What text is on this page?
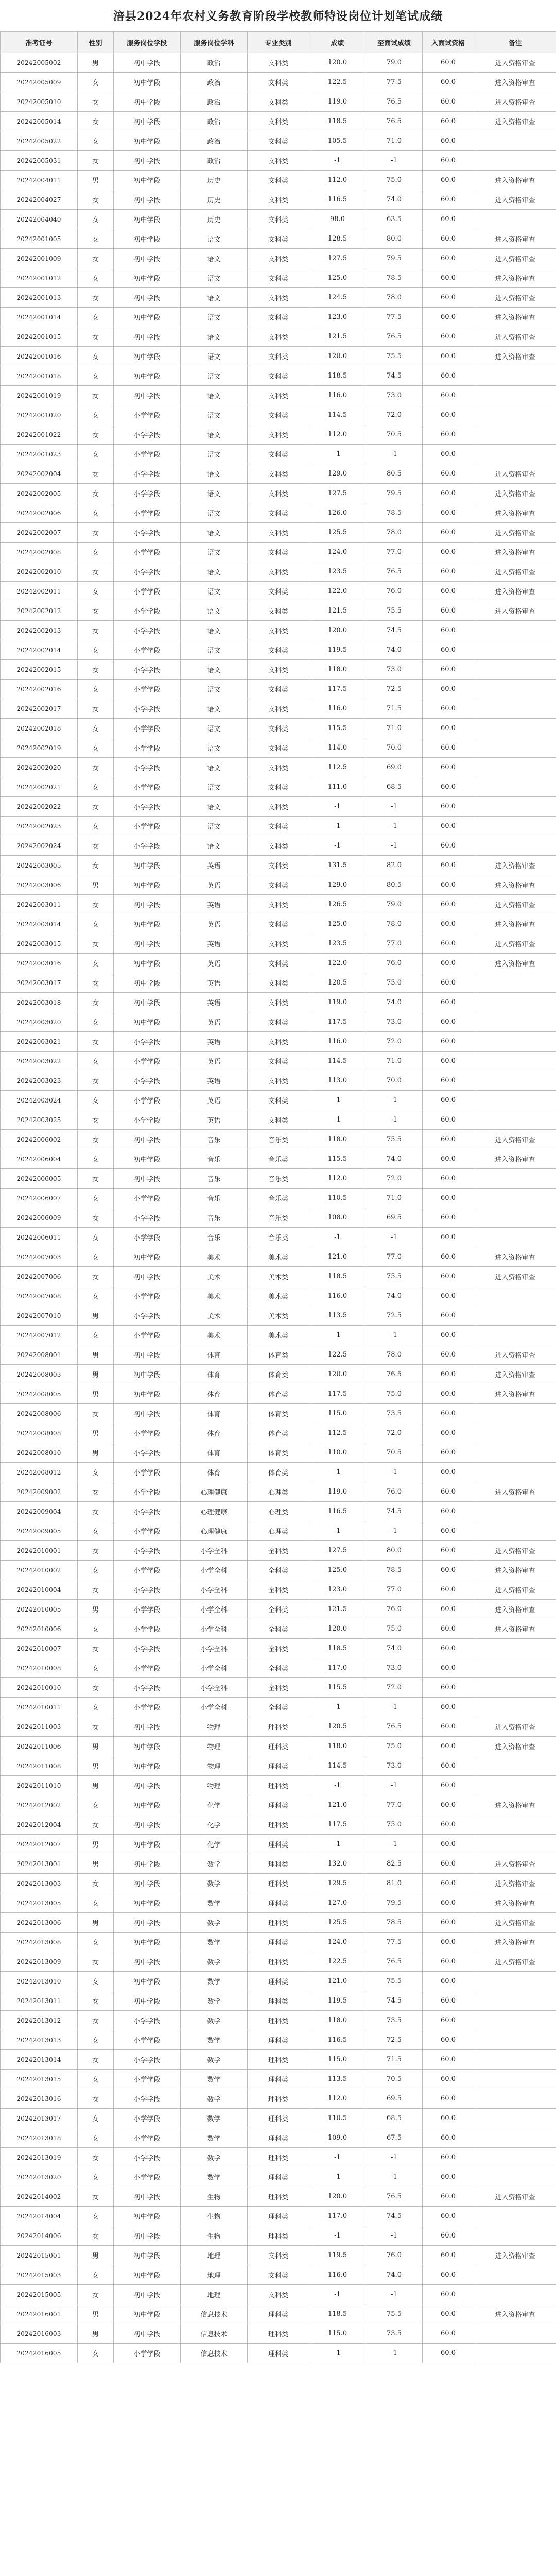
涪县2024年农村义务教育阶段学校教师特设岗位计划笔试成绩
准考证号	性别	服务岗位学段	服务岗位学科	专业类别	成绩	至面试成绩	入面试资格	备注
20242005002	男	初中学段	政治	文科类	120.0	79.0	60.0	进入资格审查
20242005009	女	初中学段	政治	文科类	122.5	77.5	60.0	进入资格审查
20242005010	女	初中学段	政治	文科类	119.0	76.5	60.0	进入资格审查
20242005014	女	初中学段	政治	文科类	118.5	76.5	60.0	进入资格审查
20242005022	女	初中学段	政治	文科类	105.5	71.0	60.0	
20242005031	女	初中学段	政治	文科类	-1	-1	60.0	
20242004011	男	初中学段	历史	文科类	112.0	75.0	60.0	进入资格审查
20242004027	女	初中学段	历史	文科类	116.5	74.0	60.0	进入资格审查
20242004040	女	初中学段	历史	文科类	98.0	63.5	60.0	
20242001005	女	初中学段	语文	文科类	128.5	80.0	60.0	进入资格审查
20242001009	女	初中学段	语文	文科类	127.5	79.5	60.0	进入资格审查
20242001012	女	初中学段	语文	文科类	125.0	78.5	60.0	进入资格审查
20242001013	女	初中学段	语文	文科类	124.5	78.0	60.0	进入资格审查
20242001014	女	初中学段	语文	文科类	123.0	77.5	60.0	进入资格审查
20242001015	女	初中学段	语文	文科类	121.5	76.5	60.0	进入资格审查
20242001016	女	初中学段	语文	文科类	120.0	75.5	60.0	进入资格审查
20242001018	女	初中学段	语文	文科类	118.5	74.5	60.0	
20242001019	女	初中学段	语文	文科类	116.0	73.0	60.0	
20242001020	女	小学学段	语文	文科类	114.5	72.0	60.0	
20242001022	女	小学学段	语文	文科类	112.0	70.5	60.0	
20242001023	女	小学学段	语文	文科类	-1	-1	60.0	
20242002004	女	小学学段	语文	文科类	129.0	80.5	60.0	进入资格审查
20242002005	女	小学学段	语文	文科类	127.5	79.5	60.0	进入资格审查
20242002006	女	小学学段	语文	文科类	126.0	78.5	60.0	进入资格审查
20242002007	女	小学学段	语文	文科类	125.5	78.0	60.0	进入资格审查
20242002008	女	小学学段	语文	文科类	124.0	77.0	60.0	进入资格审查
20242002010	女	小学学段	语文	文科类	123.5	76.5	60.0	进入资格审查
20242002011	女	小学学段	语文	文科类	122.0	76.0	60.0	进入资格审查
20242002012	女	小学学段	语文	文科类	121.5	75.5	60.0	进入资格审查
20242002013	女	小学学段	语文	文科类	120.0	74.5	60.0	
20242002014	女	小学学段	语文	文科类	119.5	74.0	60.0	
20242002015	女	小学学段	语文	文科类	118.0	73.0	60.0	
20242002016	女	小学学段	语文	文科类	117.5	72.5	60.0	
20242002017	女	小学学段	语文	文科类	116.0	71.5	60.0	
20242002018	女	小学学段	语文	文科类	115.5	71.0	60.0	
20242002019	女	小学学段	语文	文科类	114.0	70.0	60.0	
20242002020	女	小学学段	语文	文科类	112.5	69.0	60.0	
20242002021	女	小学学段	语文	文科类	111.0	68.5	60.0	
20242002022	女	小学学段	语文	文科类	-1	-1	60.0	
20242002023	女	小学学段	语文	文科类	-1	-1	60.0	
20242002024	女	小学学段	语文	文科类	-1	-1	60.0	
20242003005	女	初中学段	英语	文科类	131.5	82.0	60.0	进入资格审查
20242003006	男	初中学段	英语	文科类	129.0	80.5	60.0	进入资格审查
20242003011	女	初中学段	英语	文科类	126.5	79.0	60.0	进入资格审查
20242003014	女	初中学段	英语	文科类	125.0	78.0	60.0	进入资格审查
20242003015	女	初中学段	英语	文科类	123.5	77.0	60.0	进入资格审查
20242003016	女	初中学段	英语	文科类	122.0	76.0	60.0	进入资格审查
20242003017	女	初中学段	英语	文科类	120.5	75.0	60.0	
20242003018	女	初中学段	英语	文科类	119.0	74.0	60.0	
20242003020	女	初中学段	英语	文科类	117.5	73.0	60.0	
20242003021	女	小学学段	英语	文科类	116.0	72.0	60.0	
20242003022	女	小学学段	英语	文科类	114.5	71.0	60.0	
20242003023	女	小学学段	英语	文科类	113.0	70.0	60.0	
20242003024	女	小学学段	英语	文科类	-1	-1	60.0	
20242003025	女	小学学段	英语	文科类	-1	-1	60.0	
20242006002	女	初中学段	音乐	音乐类	118.0	75.5	60.0	进入资格审查
20242006004	女	初中学段	音乐	音乐类	115.5	74.0	60.0	进入资格审查
20242006005	女	初中学段	音乐	音乐类	112.0	72.0	60.0	
20242006007	女	小学学段	音乐	音乐类	110.5	71.0	60.0	
20242006009	女	小学学段	音乐	音乐类	108.0	69.5	60.0	
20242006011	女	小学学段	音乐	音乐类	-1	-1	60.0	
20242007003	女	初中学段	美术	美术类	121.0	77.0	60.0	进入资格审查
20242007006	女	初中学段	美术	美术类	118.5	75.5	60.0	进入资格审查
20242007008	女	小学学段	美术	美术类	116.0	74.0	60.0	
20242007010	男	小学学段	美术	美术类	113.5	72.5	60.0	
20242007012	女	小学学段	美术	美术类	-1	-1	60.0	
20242008001	男	初中学段	体育	体育类	122.5	78.0	60.0	进入资格审查
20242008003	男	初中学段	体育	体育类	120.0	76.5	60.0	进入资格审查
20242008005	男	初中学段	体育	体育类	117.5	75.0	60.0	进入资格审查
20242008006	女	初中学段	体育	体育类	115.0	73.5	60.0	
20242008008	男	小学学段	体育	体育类	112.5	72.0	60.0	
20242008010	男	小学学段	体育	体育类	110.0	70.5	60.0	
20242008012	女	小学学段	体育	体育类	-1	-1	60.0	
20242009002	女	小学学段	心理健康	心理类	119.0	76.0	60.0	进入资格审查
20242009004	女	小学学段	心理健康	心理类	116.5	74.5	60.0	
20242009005	女	小学学段	心理健康	心理类	-1	-1	60.0	
20242010001	女	小学学段	小学全科	全科类	127.5	80.0	60.0	进入资格审查
20242010002	女	小学学段	小学全科	全科类	125.0	78.5	60.0	进入资格审查
20242010004	女	小学学段	小学全科	全科类	123.0	77.0	60.0	进入资格审查
20242010005	男	小学学段	小学全科	全科类	121.5	76.0	60.0	进入资格审查
20242010006	女	小学学段	小学全科	全科类	120.0	75.0	60.0	进入资格审查
20242010007	女	小学学段	小学全科	全科类	118.5	74.0	60.0	
20242010008	女	小学学段	小学全科	全科类	117.0	73.0	60.0	
20242010010	女	小学学段	小学全科	全科类	115.5	72.0	60.0	
20242010011	女	小学学段	小学全科	全科类	-1	-1	60.0	
20242011003	女	初中学段	物理	理科类	120.5	76.5	60.0	进入资格审查
20242011006	男	初中学段	物理	理科类	118.0	75.0	60.0	进入资格审查
20242011008	男	初中学段	物理	理科类	114.5	73.0	60.0	
20242011010	男	初中学段	物理	理科类	-1	-1	60.0	
20242012002	女	初中学段	化学	理科类	121.0	77.0	60.0	进入资格审查
20242012004	女	初中学段	化学	理科类	117.5	75.0	60.0	
20242012007	男	初中学段	化学	理科类	-1	-1	60.0	
20242013001	男	初中学段	数学	理科类	132.0	82.5	60.0	进入资格审查
20242013003	女	初中学段	数学	理科类	129.5	81.0	60.0	进入资格审查
20242013005	女	初中学段	数学	理科类	127.0	79.5	60.0	进入资格审查
20242013006	男	初中学段	数学	理科类	125.5	78.5	60.0	进入资格审查
20242013008	女	初中学段	数学	理科类	124.0	77.5	60.0	进入资格审查
20242013009	女	初中学段	数学	理科类	122.5	76.5	60.0	进入资格审查
20242013010	女	初中学段	数学	理科类	121.0	75.5	60.0	
20242013011	女	初中学段	数学	理科类	119.5	74.5	60.0	
20242013012	女	小学学段	数学	理科类	118.0	73.5	60.0	
20242013013	女	小学学段	数学	理科类	116.5	72.5	60.0	
20242013014	女	小学学段	数学	理科类	115.0	71.5	60.0	
20242013015	女	小学学段	数学	理科类	113.5	70.5	60.0	
20242013016	女	小学学段	数学	理科类	112.0	69.5	60.0	
20242013017	女	小学学段	数学	理科类	110.5	68.5	60.0	
20242013018	女	小学学段	数学	理科类	109.0	67.5	60.0	
20242013019	女	小学学段	数学	理科类	-1	-1	60.0	
20242013020	女	小学学段	数学	理科类	-1	-1	60.0	
20242014002	女	初中学段	生物	理科类	120.0	76.5	60.0	进入资格审查
20242014004	女	初中学段	生物	理科类	117.0	74.5	60.0	
20242014006	女	初中学段	生物	理科类	-1	-1	60.0	
20242015001	男	初中学段	地理	文科类	119.5	76.0	60.0	进入资格审查
20242015003	女	初中学段	地理	文科类	116.0	74.0	60.0	
20242015005	女	初中学段	地理	文科类	-1	-1	60.0	
20242016001	男	初中学段	信息技术	理科类	118.5	75.5	60.0	进入资格审查
20242016003	男	初中学段	信息技术	理科类	115.0	73.5	60.0	
20242016005	女	小学学段	信息技术	理科类	-1	-1	60.0	
